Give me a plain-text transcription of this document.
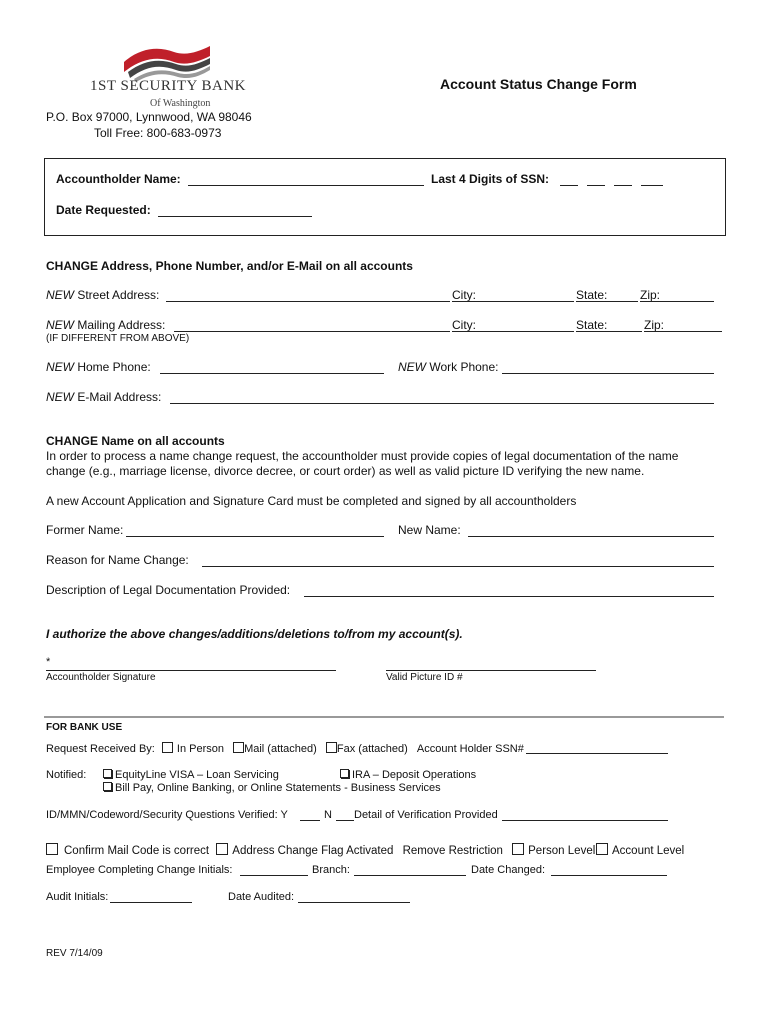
1ST SECURITY BANK
Of Washington
P.O. Box 97000, Lynnwood, WA 98046
Toll Free: 800-683-0973
Account Status Change Form
Accountholder Name:	Last 4 Digits of SSN:
Date Requested:
CHANGE Address, Phone Number, and/or E-Mail on all accounts
NEW Street Address:	City:	State:	Zip:
NEW Mailing Address:	City:	State:	Zip:
(IF DIFFERENT FROM ABOVE)
NEW Home Phone:	NEW Work Phone:
NEW E-Mail Address:
CHANGE Name on all accounts
In order to process a name change request, the accountholder must provide copies of legal documentation of the name
change (e.g., marriage license, divorce decree, or court order) as well as valid picture ID verifying the new name.
A new Account Application and Signature Card must be completed and signed by all accountholders
Former Name:	New Name:
Reason for Name Change:
Description of Legal Documentation Provided:
I authorize the above changes/additions/deletions to/from my account(s).
*
Accountholder Signature	Valid Picture ID #
FOR BANK USE
Request Received By: In Person Mail (attached) Fax (attached) Account Holder SSN#
Notified:	EquityLine VISA – Loan Servicing	IRA – Deposit Operations
Bill Pay, Online Banking, or Online Statements - Business Services
ID/MMN/Codeword/Security Questions Verified: Y	N Detail of Verification Provided
Confirm Mail Code is correct Address Change Flag Activated Remove Restriction Person Level	Account Level
Employee Completing Change Initials:	Branch:	Date Changed:
Audit Initials:	Date Audited:
REV 7/14/09
